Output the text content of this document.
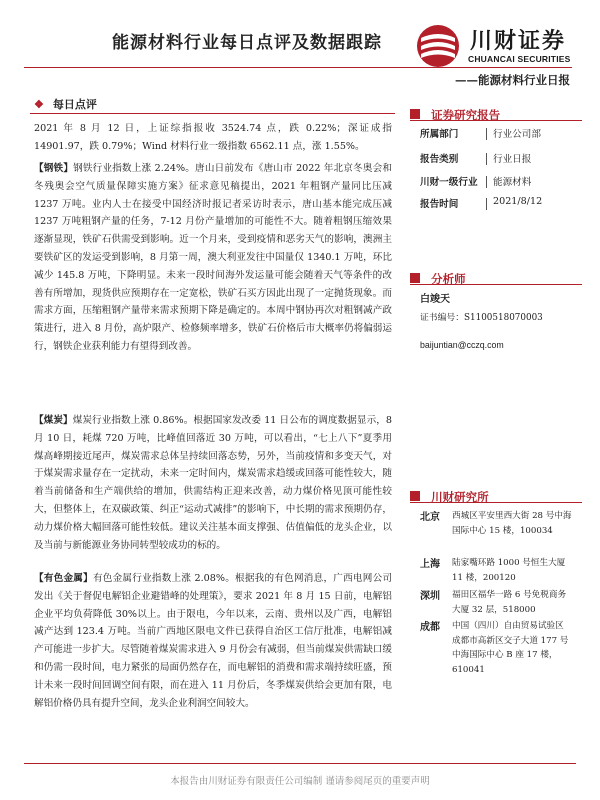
能源材料行业每日点评及数据跟踪	川财证券
CHUANCAI SECURITIES
——能源材料行业日报
❖ 每日点评

2021 年 8 月 12 日，上证综指报收 3524.74 点，跌 0.22%；深证成指 14901.97，跌 0.79%；Wind 材料行业一级指数 6562.11 点，涨 1.55%。

【钢铁】钢铁行业指数上涨 2.24%。唐山日前发布《唐山市 2022 年北京冬奥会和冬残奥会空气质量保障实施方案》征求意见稿提出，2021 年粗钢产量同比压减 1237 万吨。业内人士在接受中国经济时报记者采访时表示，唐山基本能完成压减 1237 万吨粗钢产量的任务，7-12 月份产量增加的可能性不大。随着粗钢压缩效果逐渐显现，铁矿石供需受到影响。近一个月来，受到疫情和恶劣天气的影响，澳洲主要铁矿区的发运受到影响，8 月第一周，澳大利亚发往中国量仅 1340.1 万吨，环比减少 145.8 万吨，下降明显。未来一段时间海外发运量可能会随着天气等条件的改善有所增加，现货供应预期存在一定宽松，铁矿石买方因此出现了一定抛货现象。而需求方面，压缩粗钢产量带来需求预期下降是确定的。本周中钢协再次对粗钢减产政策进行，进入 8 月份，高炉限产、检修频率增多，铁矿石价格后市大概率仍将偏弱运行，钢铁企业获利能力有望得到改善。

【煤炭】煤炭行业指数上涨 0.86%。根据国家发改委 11 日公布的调度数据显示，8 月 10 日，耗煤 720 万吨，比峰值回落近 30 万吨，可以看出，“七上八下”夏季用煤高峰期接近尾声，煤炭需求总体呈持续回落态势，另外，当前疫情和多变天气，对于煤炭需求量存在一定扰动，未来一定时间内，煤炭需求趋缓或回落可能性较大，随着当前储备和生产端供给的增加，供需结构正迎来改善，动力煤价格见顶可能性较大，但整体上，在双碳政策、纠正“运动式减排”的影响下，中长期的需求预期仍存，动力煤价格大幅回落可能性较低。建议关注基本面支撑强、估值偏低的龙头企业，以及当前与新能源业务协同转型较成功的标的。

【有色金属】有色金属行业指数上涨 2.08%。根据我的有色网消息，广西电网公司发出《关于督促电解铝企业避错峰的处理策》，要求 2021 年 8 月 15 日前，电解铝企业平均负荷降低 30%以上。由于限电，今年以来，云南、贵州以及广西，电解铝减产达到 123.4 万吨。当前广西地区限电文件已获得自治区工信厅批准，电解铝减产可能进一步扩大。尽管随着煤炭需求进入 9 月份会有减弱，但当前煤炭供需缺口缓和仍需一段时间，电力紧张的局面仍然存在，而电解铝的消费和需求端持续旺盛，预计未来一段时间回调空间有限，而在进入 11 月份后，冬季煤炭供给会更加有限，电解铝价格仍具有提升空间，龙头企业利润空间较大。

证券研究报告
所属部门	行业公司部
报告类别	行业日报
川财一级行业 能源材料
报告时间	2021/8/12
分析师
白竣天
证书编号：S1100518070003
baijuntian@cczq.com
川财研究所
北京 西城区平安里西大街 28 号中海国际中心 15 楼，100034
上海 陆家嘴环路 1000 号恒生大厦 11 楼，200120
深圳 福田区福华一路 6 号免税商务大厦 32 层，518000
成都 中国（四川）自由贸易试验区成都市高新区交子大道 177 号中海国际中心 B 座 17 楼，610041
本报告由川财证券有限责任公司编制 谨请参阅尾页的重要声明
